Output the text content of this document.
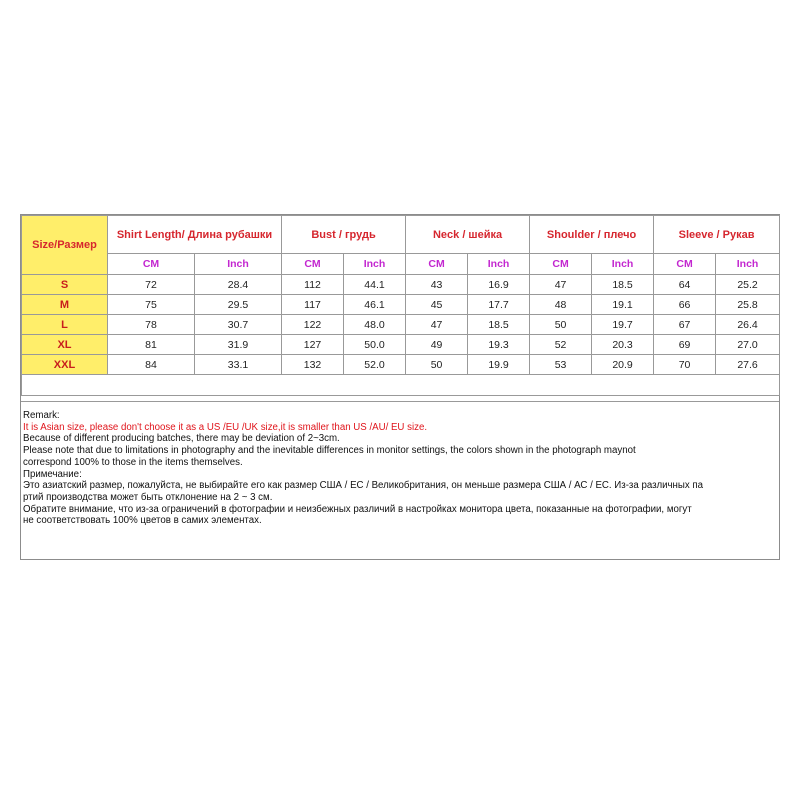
Size/Размер	Shirt Length/ Длина рубашки		Bust / грудь		Neck / шейка		Shoulder / плечо		Sleeve / Рукав	
	CM	Inch	CM	Inch	CM	Inch	CM	Inch	CM	Inch
S	72	28.4	112	44.1	43	16.9	47	18.5	64	25.2
M	75	29.5	117	46.1	45	17.7	48	19.1	66	25.8
L	78	30.7	122	48.0	47	18.5	50	19.7	67	26.4
XL	81	31.9	127	50.0	49	19.3	52	20.3	69	27.0
XXL	84	33.1	132	52.0	50	19.9	53	20.9	70	27.6

Remark:
It is Asian size, please don't choose it as a US /EU /UK size,it is smaller than US /AU/ EU size.
Because of different producing batches, there may be deviation of 2~3cm.
Please note that due to limitations in photography and the inevitable differences in monitor settings, the colors shown in the photograph maynot
correspond 100% to those in the items themselves.
Примечание:
Это азиатский размер, пожалуйста, не выбирайте его как размер США / ЕС / Великобритания, он меньше размера США / АС / ЕС. Из-за различных па
ртий производства может быть отклонение на 2 ~ 3 см.
Обратите внимание, что из-за ограничений в фотографии и неизбежных различий в настройках монитора цвета, показанные на фотографии, могут
не соответствовать 100% цветов в самих элементах.
